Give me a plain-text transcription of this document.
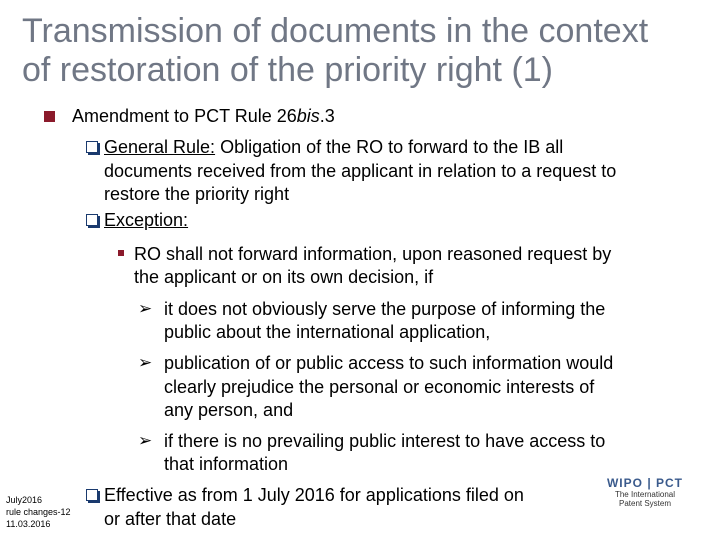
Transmission of documents in the context
of restoration of the priority right (1)
Amendment to PCT Rule 26bis.3
General Rule: Obligation of the RO to forward to the IB all
documents received from the applicant in relation to a request to
restore the priority right
Exception:
RO shall not forward information, upon reasoned request by
the applicant or on its own decision, if
➢ it does not obviously serve the purpose of informing the
public about the international application,
➢ publication of or public access to such information would
clearly prejudice the personal or economic interests of
any person, and
➢ if there is no prevailing public interest to have access to
that information
Effective as from 1 July 2016 for applications filed on
or after that date
July2016
rule changes-12
11.03.2016
WIPO | PCT
The International
Patent System
